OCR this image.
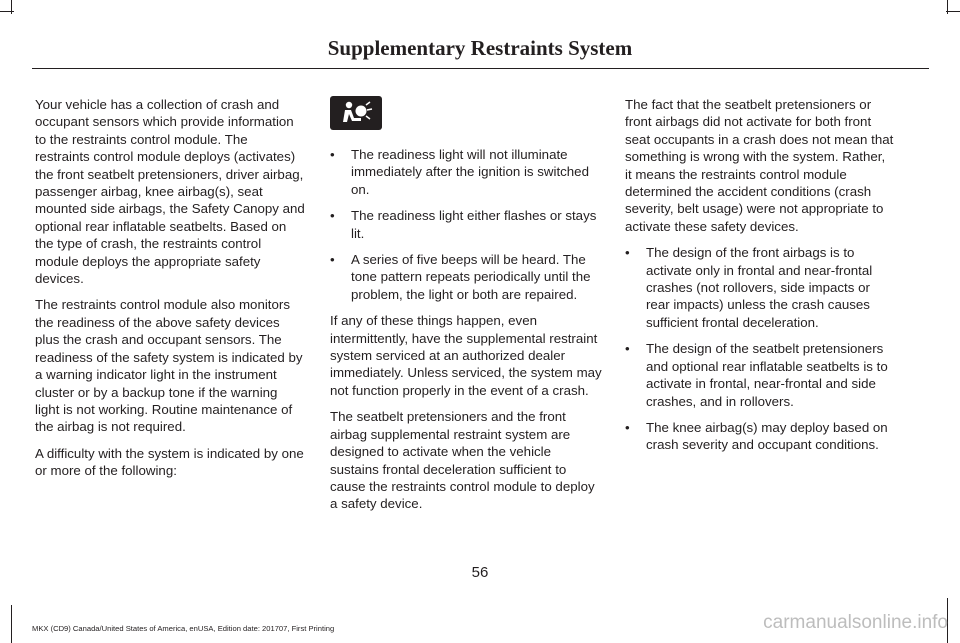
Supplementary Restraints System

Your vehicle has a collection of crash and occupant sensors which provide information to the restraints control module. The restraints control module deploys (activates) the front seatbelt pretensioners, driver airbag, passenger airbag, knee airbag(s), seat mounted side airbags, the Safety Canopy and optional rear inflatable seatbelts. Based on the type of crash, the restraints control module deploys the appropriate safety devices.

The restraints control module also monitors the readiness of the above safety devices plus the crash and occupant sensors. The readiness of the safety system is indicated by a warning indicator light in the instrument cluster or by a backup tone if the warning light is not working. Routine maintenance of the airbag is not required.

A difficulty with the system is indicated by one or more of the following:

• The readiness light will not illuminate immediately after the ignition is switched on.
• The readiness light either flashes or stays lit.
• A series of five beeps will be heard. The tone pattern repeats periodically until the problem, the light or both are repaired.

If any of these things happen, even intermittently, have the supplemental restraint system serviced at an authorized dealer immediately. Unless serviced, the system may not function properly in the event of a crash.

The seatbelt pretensioners and the front airbag supplemental restraint system are designed to activate when the vehicle sustains frontal deceleration sufficient to cause the restraints control module to deploy a safety device.

The fact that the seatbelt pretensioners or front airbags did not activate for both front seat occupants in a crash does not mean that something is wrong with the system. Rather, it means the restraints control module determined the accident conditions (crash severity, belt usage) were not appropriate to activate these safety devices.

• The design of the front airbags is to activate only in frontal and near-frontal crashes (not rollovers, side impacts or rear impacts) unless the crash causes sufficient frontal deceleration.
• The design of the seatbelt pretensioners and optional rear inflatable seatbelts is to activate in frontal, near-frontal and side crashes, and in rollovers.
• The knee airbag(s) may deploy based on crash severity and occupant conditions.
56
MKX (CD9) Canada/United States of America, enUSA, Edition date: 201707, First Printing	carmanualsonline.info
